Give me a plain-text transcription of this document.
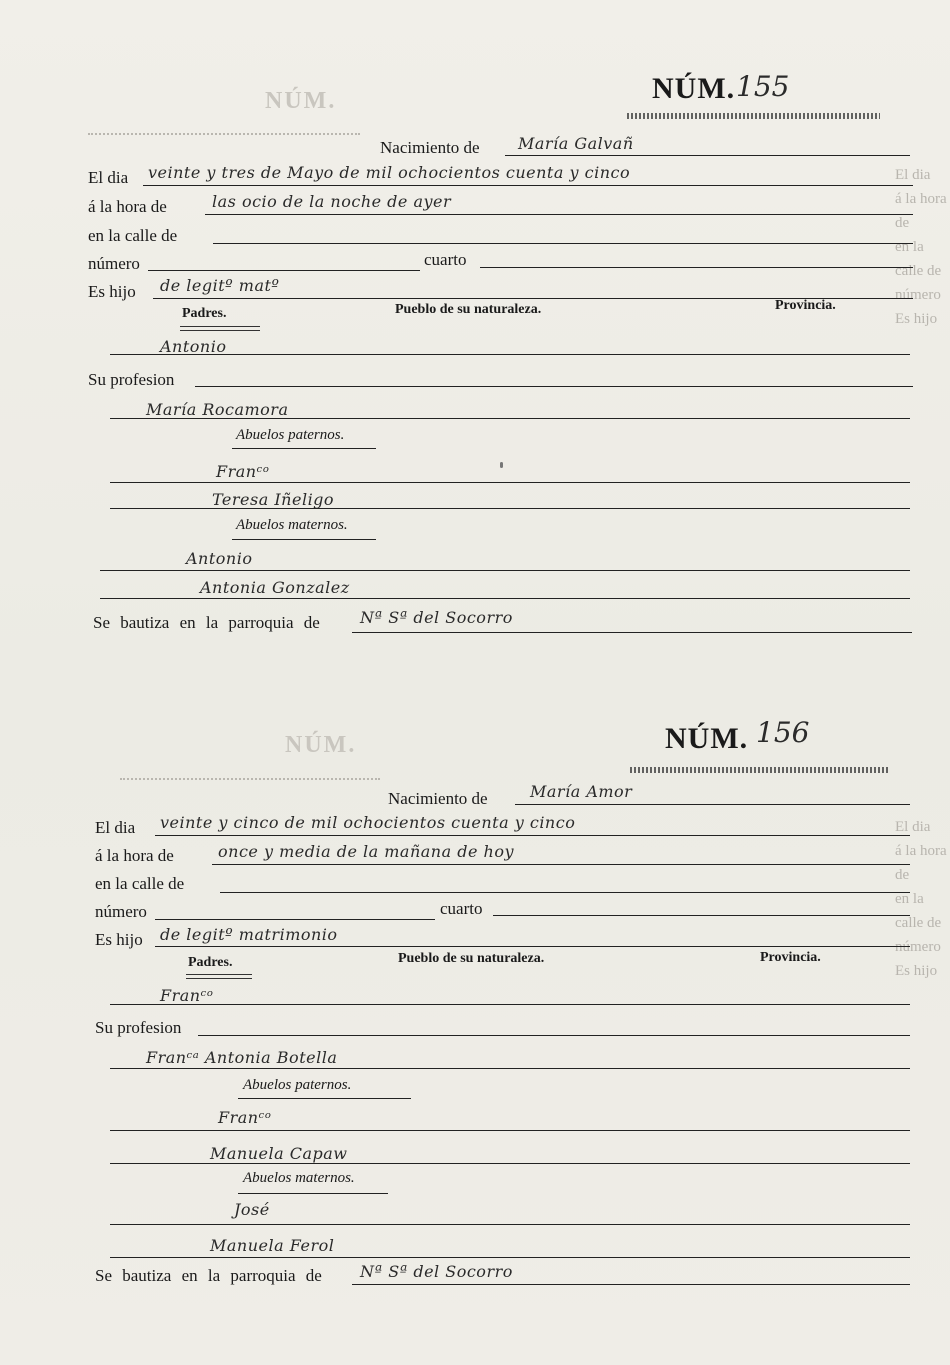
NÚM.
NÚM.
El dia
á la hora de
en la calle de
número
Es hijo
El dia
á la hora de
en la calle de
número
Es hijo
NÚM. 155
Nacimiento de María Galvañ
El dia veinte y tres de Mayo de mil ochocientos cuenta y cinco
á la hora de	las ocio de la noche de ayer
en la calle de
número	cuarto
Es hijo de legitº matº
Padres.	Pueblo de su naturaleza.	Provincia.
Antonio
Su profesion
María Rocamora
Abuelos paternos.
Franᶜᵒ
Teresa Iñeligo
Abuelos maternos.
Antonio
Antonia Gonzalez
Se bautiza en la parroquia de	Nª Sª del Socorro
NÚM. 156
Nacimiento de	María Amor
El dia veinte y cinco de mil ochocientos cuenta y cinco
á la hora de	once y media de la mañana de hoy
en la calle de
número	cuarto
Es hijo de legitº matrimonio
Padres.	Pueblo de su naturaleza.	Provincia.
Franᶜᵒ
Su profesion
Franᶜᵃ Antonia Botella
Abuelos paternos.
Franᶜᵒ
Manuela Capaw
Abuelos maternos.
José
Manuela Ferol
Se bautiza en la parroquia de Nª Sª del Socorro
